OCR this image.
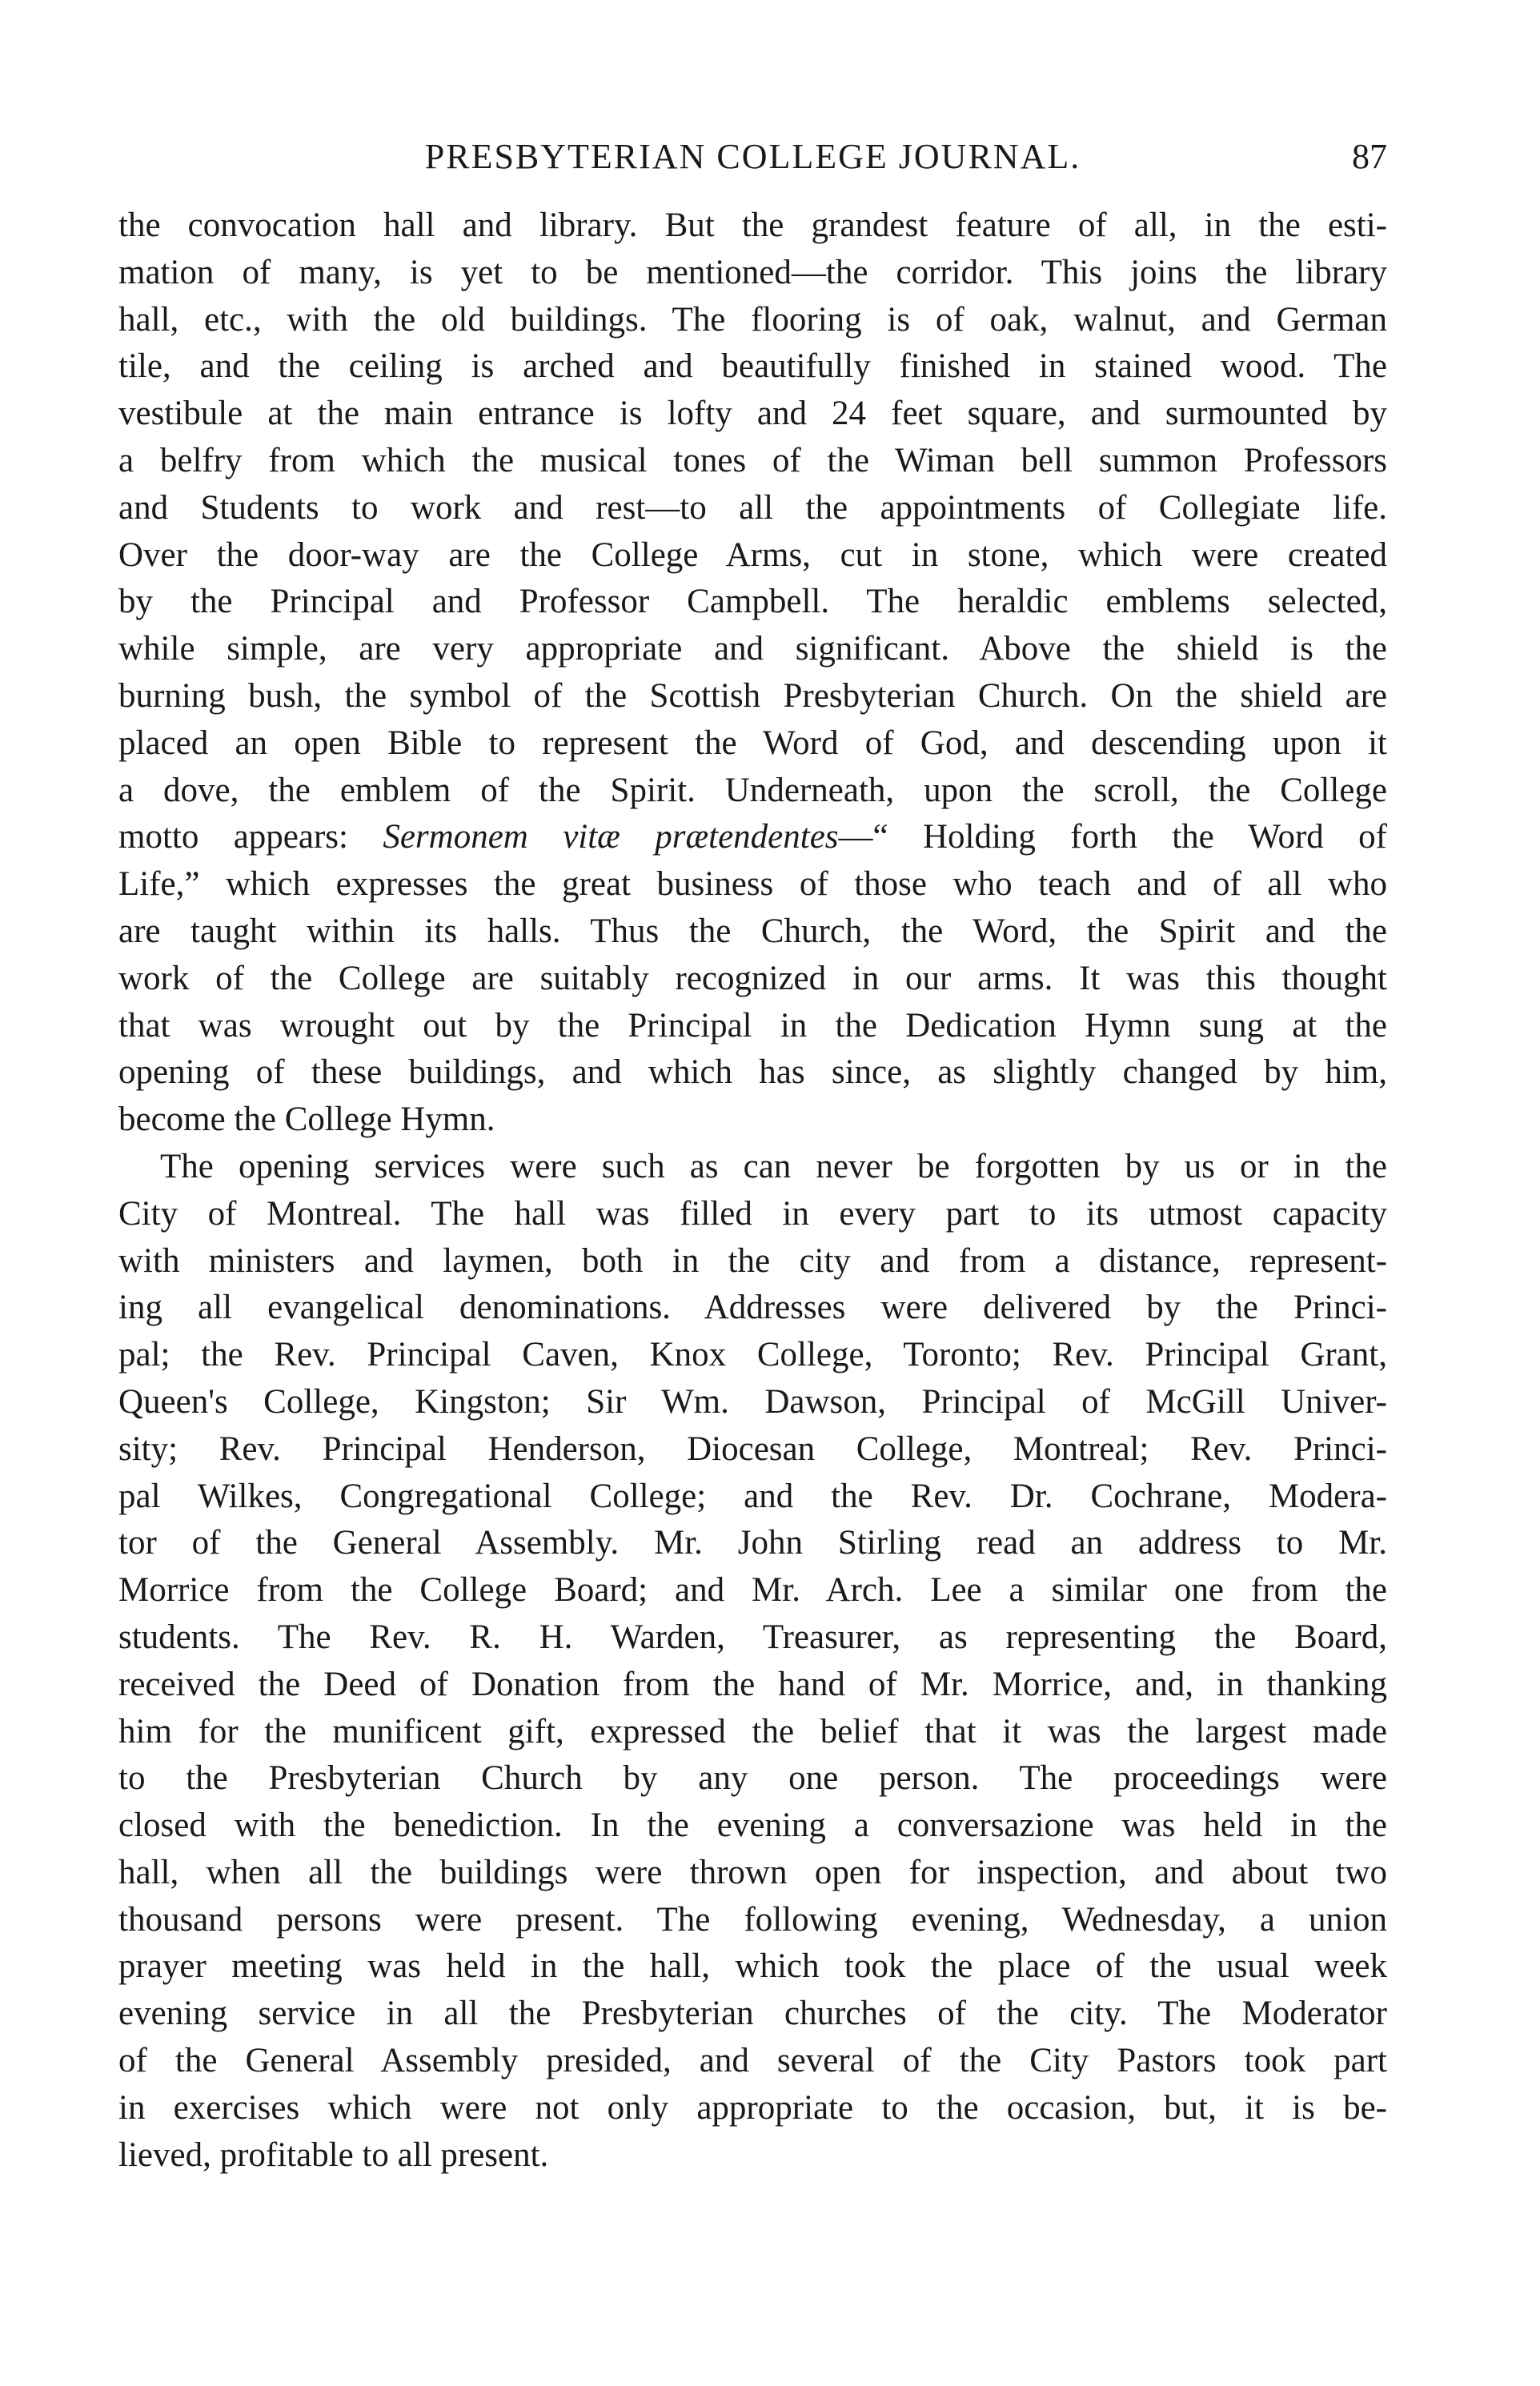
PRESBYTERIAN COLLEGE JOURNAL.	87

the convocation hall and library. But the grandest feature of all, in the esti-
mation of many, is yet to be mentioned—the corridor. This joins the library
hall, etc., with the old buildings. The flooring is of oak, walnut, and German
tile, and the ceiling is arched and beautifully finished in stained wood. The
vestibule at the main entrance is lofty and 24 feet square, and surmounted by
a belfry from which the musical tones of the Wiman bell summon Professors
and Students to work and rest—to all the appointments of Collegiate life.
Over the door-way are the College Arms, cut in stone, which were created
by the Principal and Professor Campbell. The heraldic emblems selected,
while simple, are very appropriate and significant. Above the shield is the
burning bush, the symbol of the Scottish Presbyterian Church. On the shield are
placed an open Bible to represent the Word of God, and descending upon it
a dove, the emblem of the Spirit. Underneath, upon the scroll, the College
motto appears: Sermonem vitæ prætendentes—“ Holding forth the Word of
Life,” which expresses the great business of those who teach and of all who
are taught within its halls. Thus the Church, the Word, the Spirit and the
work of the College are suitably recognized in our arms. It was this thought
that was wrought out by the Principal in the Dedication Hymn sung at the
opening of these buildings, and which has since, as slightly changed by him,
become the College Hymn.

The opening services were such as can never be forgotten by us or in the
City of Montreal. The hall was filled in every part to its utmost capacity
with ministers and laymen, both in the city and from a distance, represent-
ing all evangelical denominations. Addresses were delivered by the Princi-
pal; the Rev. Principal Caven, Knox College, Toronto; Rev. Principal Grant,
Queen's College, Kingston; Sir Wm. Dawson, Principal of McGill Univer-
sity; Rev. Principal Henderson, Diocesan College, Montreal; Rev. Princi-
pal Wilkes, Congregational College; and the Rev. Dr. Cochrane, Modera-
tor of the General Assembly. Mr. John Stirling read an address to Mr.
Morrice from the College Board; and Mr. Arch. Lee a similar one from the
students. The Rev. R. H. Warden, Treasurer, as representing the Board,
received the Deed of Donation from the hand of Mr. Morrice, and, in thanking
him for the munificent gift, expressed the belief that it was the largest made
to the Presbyterian Church by any one person. The proceedings were
closed with the benediction. In the evening a conversazione was held in the
hall, when all the buildings were thrown open for inspection, and about two
thousand persons were present. The following evening, Wednesday, a union
prayer meeting was held in the hall, which took the place of the usual week
evening service in all the Presbyterian churches of the city. The Moderator
of the General Assembly presided, and several of the City Pastors took part
in exercises which were not only appropriate to the occasion, but, it is be-
lieved, profitable to all present.
